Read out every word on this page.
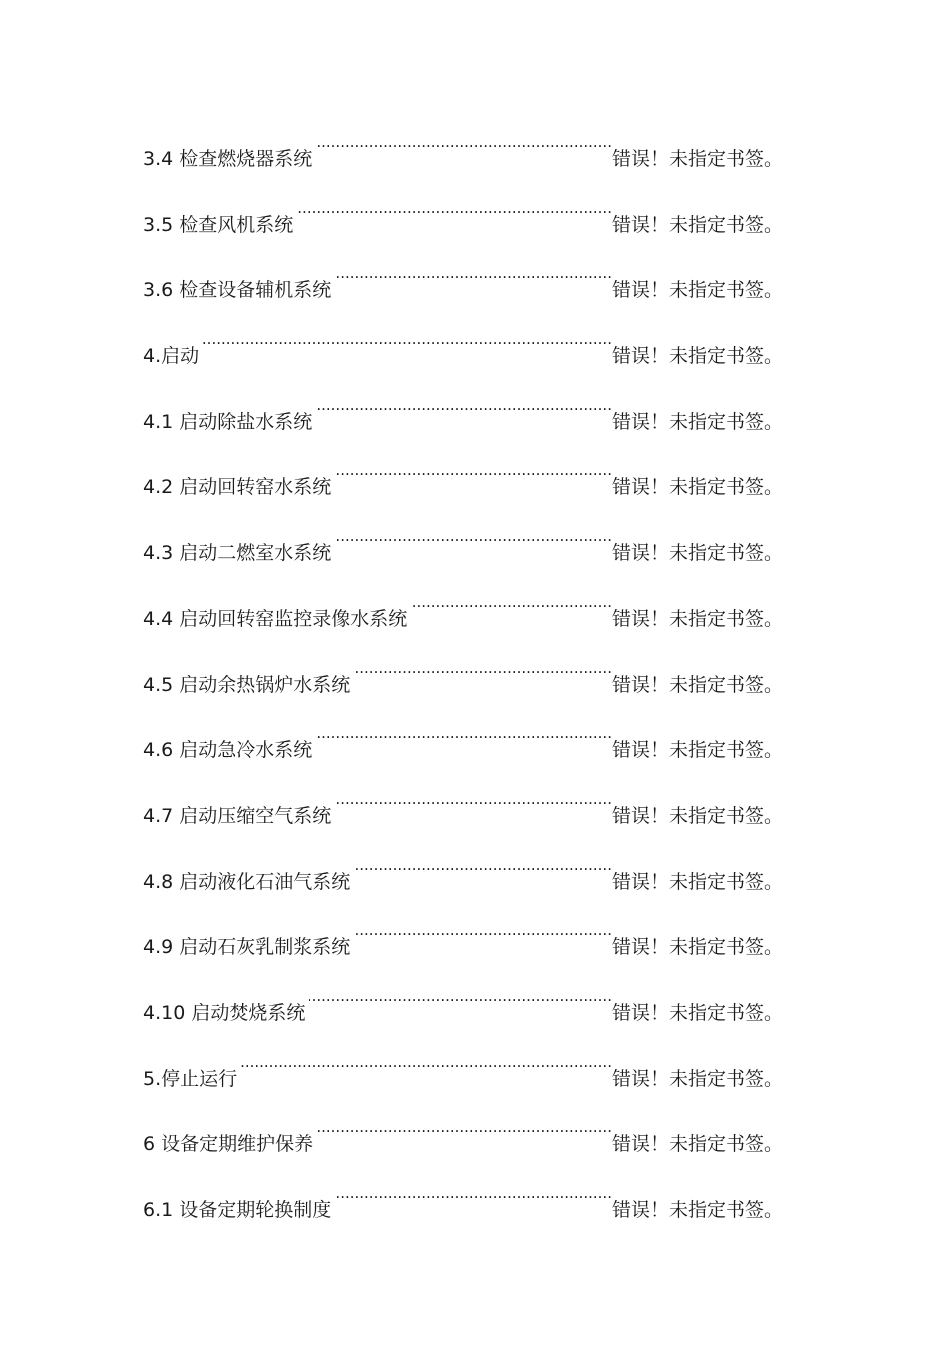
3.4 检查燃烧器系统 .....	错误！未指定书签。
3.5 检查风机系统 .....	错误！未指定书签。
3.6 检查设备辅机系统 .....	错误！未指定书签。
4.启动 .....	错误！未指定书签。
4.1 启动除盐水系统 .....	错误！未指定书签。
4.2 启动回转窑水系统 .....	错误！未指定书签。
4.3 启动二燃室水系统 .....	错误！未指定书签。
4.4 启动回转窑监控录像水系统 .....	错误！未指定书签。
4.5 启动余热锅炉水系统 .....	错误！未指定书签。
4.6 启动急冷水系统 .....	错误！未指定书签。
4.7 启动压缩空气系统 .....	错误！未指定书签。
4.8 启动液化石油气系统 .....	错误！未指定书签。
4.9 启动石灰乳制浆系统 .....	错误！未指定书签。
4.10 启动焚烧系统 .....	错误！未指定书签。
5.停止运行 .....	错误！未指定书签。
6 设备定期维护保养 .....	错误！未指定书签。
6.1 设备定期轮换制度 .....	错误！未指定书签。
